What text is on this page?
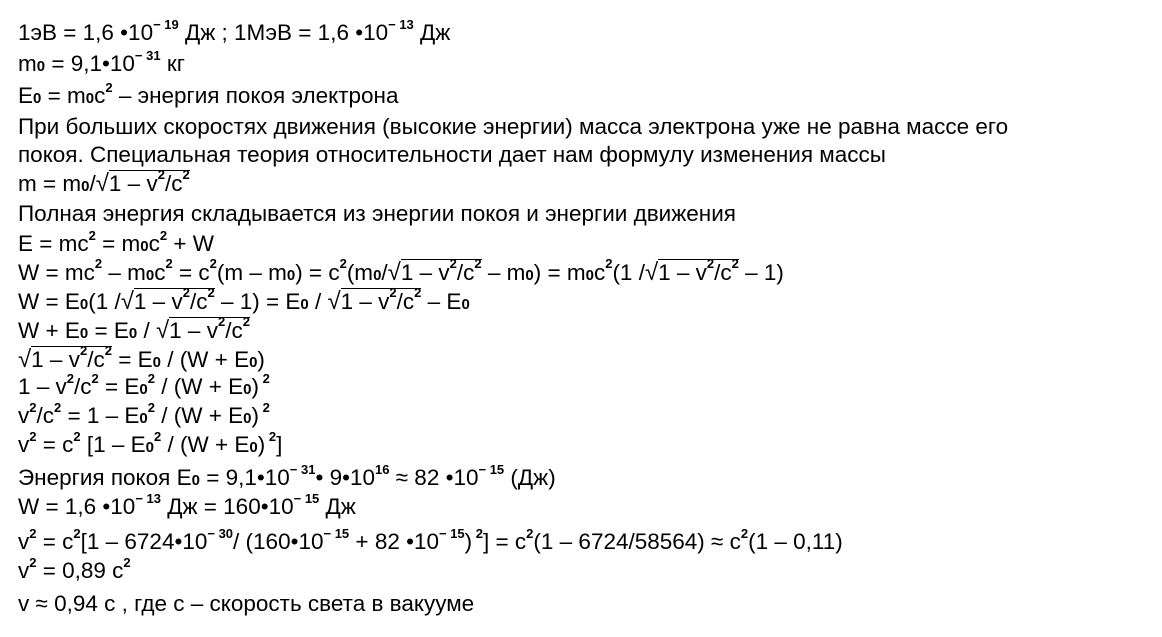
1эВ = 1,6 $•10^{- 19}$ Дж ; 1МэВ = 1,6 $•10^{- 13}$ Дж
$m0 = 9,1•10^{- 31}$ кг
$E0 = m0c^2$ – энергия покоя электрона
При больших скоростях движения (высокие энергии) масса электрона уже не равна массе его
покоя. Специальная теория относительности дает нам формулу изменения массы
$m = m0/√1 - v^2/c^2$
Полная энергия складывается из энергии покоя и энергии движения
$E = mc^2 = m0c^2 + W$
$W = mc^2 - m0c^2 = c^2(m - m0) = c^2(m0/√1 - v^2/c^2 - m0) = m0c^2(1$ $/√1 - v^2/c^2 - 1$)
W = E0(1 $/√1 - v^2/c^2 - 1) = E0 / √1 - v^2/c^2 - E0$
$W + E0 = E0 / √1 - v^2/c^2$
$√1 - v^2/c^2 = E0 / (W + E0)$
$1 - v^2/c^2 = E0^2 / (W + E0)$ $^2$
$v^2/c^2 = 1 - E0^2 / (W + E0)$ $^2$
$v^2 = c^2$ [$1 - E0^2 / (W + E0)$ $^2$]
Энергия покоя $E0 = 9,1•10^{- 31}•$ $9•10^{16} \approx 82$ $•10^{- 15}$ (Дж)
W = 1,6 $•10^{- 13}$ Дж = $160•10^{- 15}$ Дж
$v^2 = c^2[1$ – $6724•10^{- 30}/$ ($160•10^{- 15} + 82$ $•10^{- 15}$) $^2] = c^2(1 - 6724/58564) \approx c^2(1 - 0,11)$
$v^2 = 0,89$ $c^2$
v ≈ 0,94 c , где с – скорость света в вакууме
